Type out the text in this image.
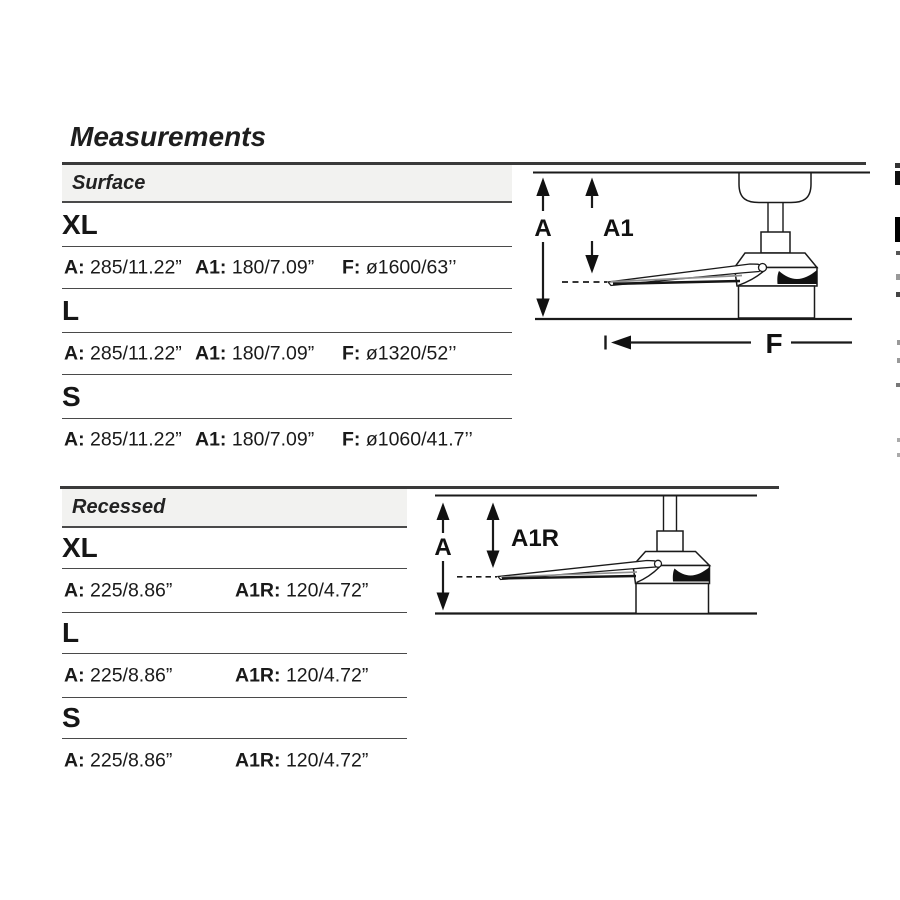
Measurements
Surface
XL
A: 285/11.22” A1: 180/7.09” F: ø1600/63’’
L
A: 285/11.22” A1: 180/7.09” F: ø1320/52’’
S
A: 285/11.22” A1: 180/7.09” F: ø1060/41.7’’
A A1
F
Recessed
XL
A: 225/8.86”	A1R: 120/4.72”
L
A: 225/8.86”	A1R: 120/4.72”
S
A: 225/8.86”	A1R: 120/4.72”
A A1R
